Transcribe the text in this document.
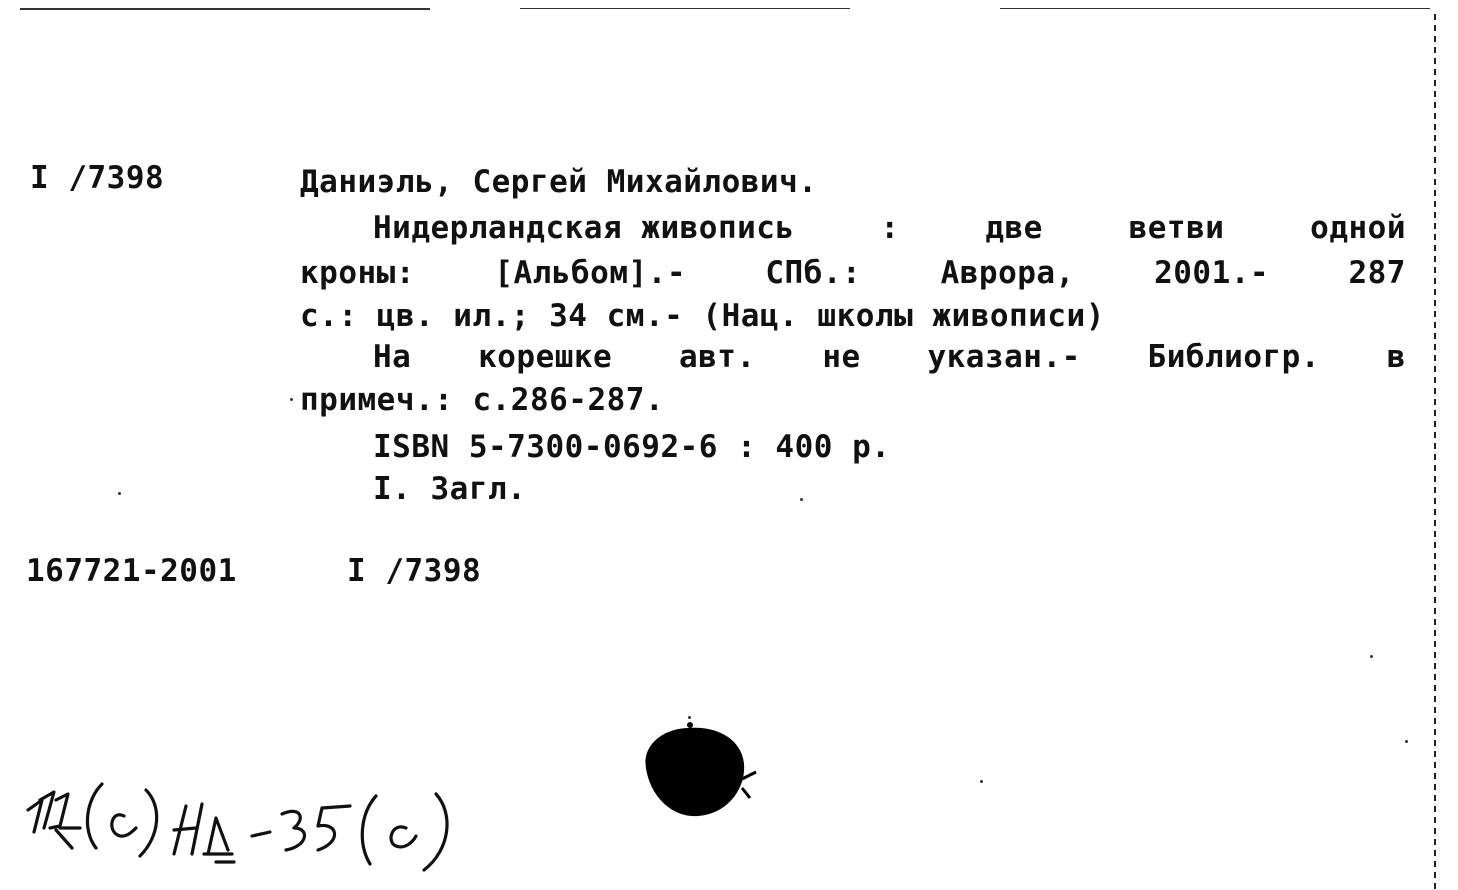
I /7398	Даниэль, Сергей Михайлович.
Нидерландская живопись	:	две	ветви	одной
кроны:	[Альбом].-	СПб.:	Аврора,	2001.-	287
с.: цв. ил.; 34 см.- (Нац. школы живописи)
На корешке авт. не указан.- Библиогр. в
примеч.: с.286-287.
ISBN 5-7300-0692-6 : 400 р.
I. Загл.
167721-2001	I /7398
